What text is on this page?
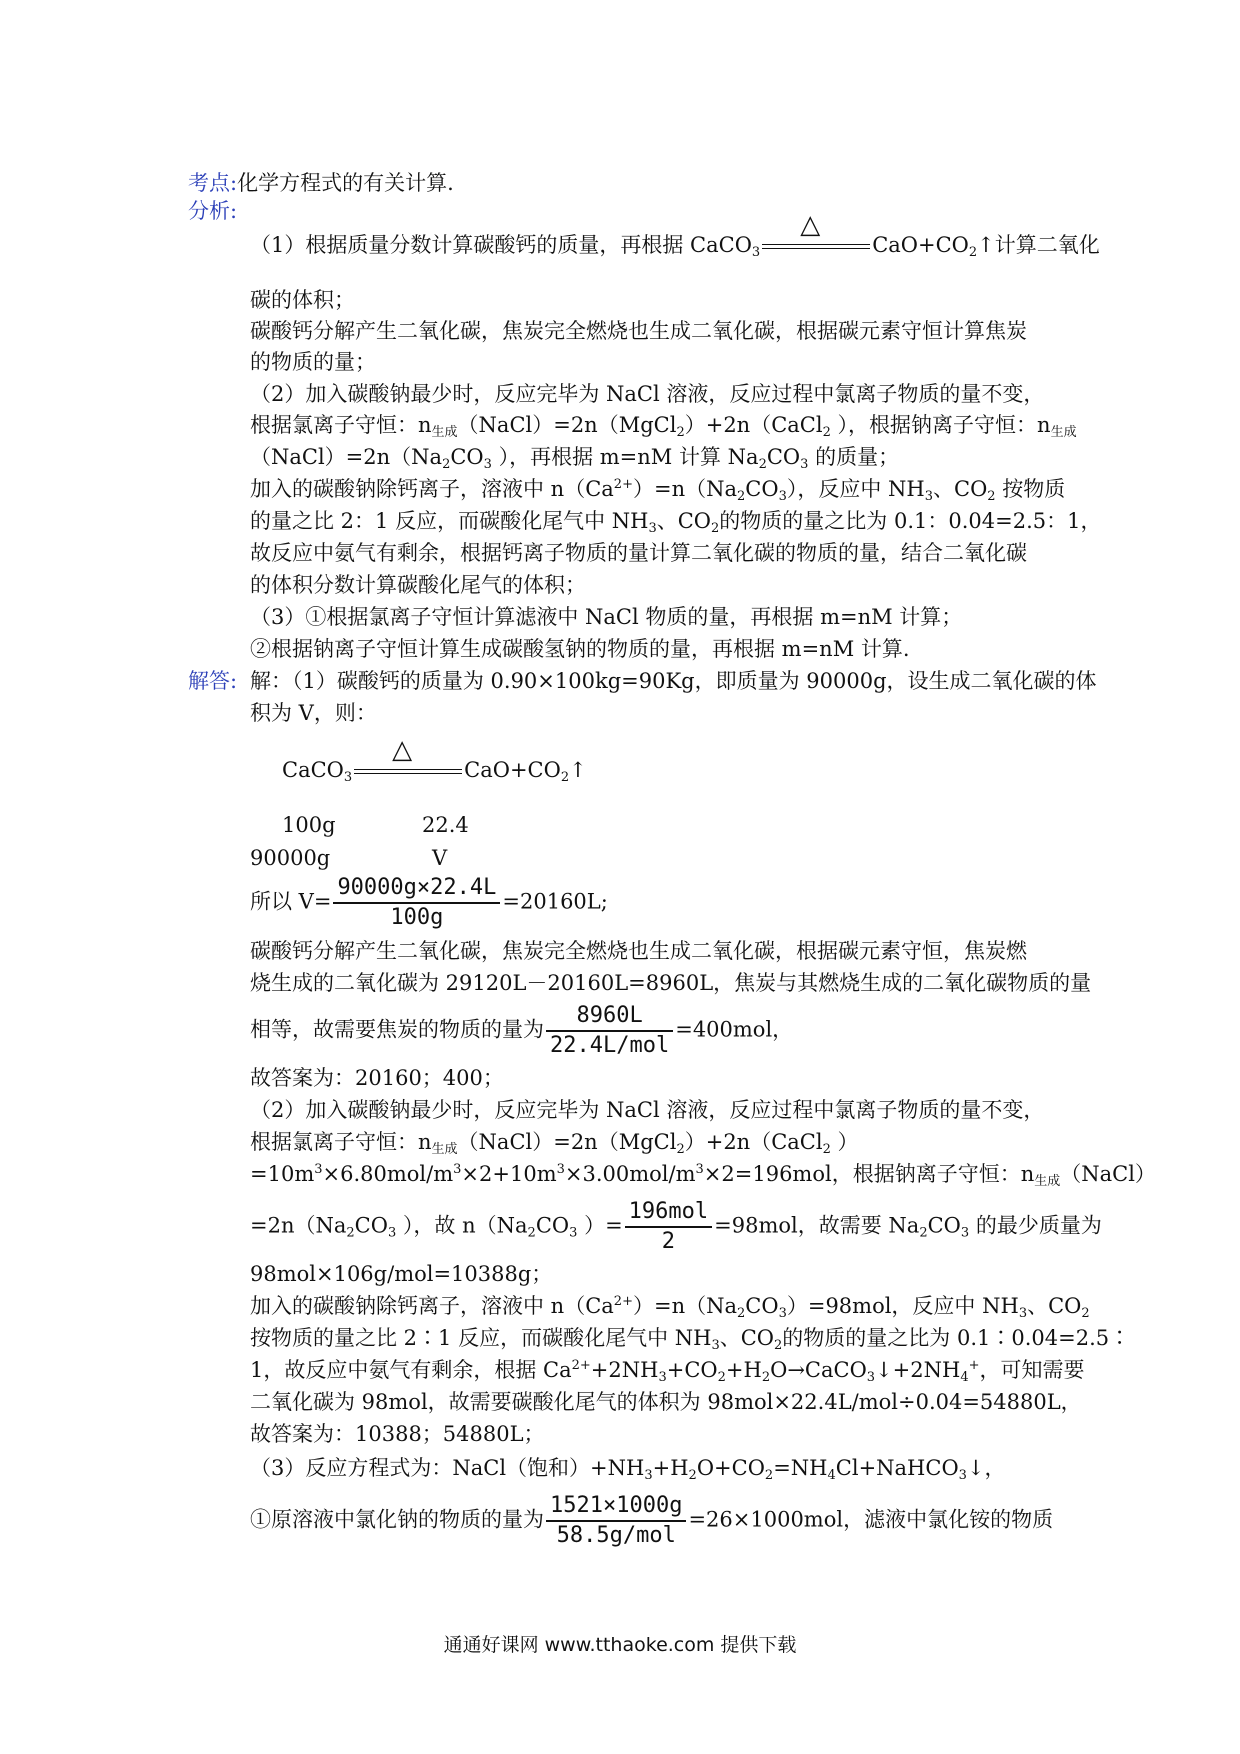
考点:化学方程式的有关计算.
分析:
（1）根据质量分数计算碳酸钙的质量，再根据 CaCO$_3$
△
$CaO+CO_2↑$计算二氧化
碳的体积；
碳酸钙分解产生二氧化碳，焦炭完全燃烧也生成二氧化碳，根据碳元素守恒计算焦炭
的物质的量；
（2）加入碳酸钠最少时，反应完毕为 NaCl 溶液，反应过程中氯离子物质的量不变，
根据氯离子守恒：$n_{生成}(NaCl)=2n(MgCl_2)+2n(CaCl_2$ ），根据钠离子守恒：$n_{生成}$
$(NaCl)=2n(Na_2CO_3$ ），再根据 m=nM 计算 $Na_2CO_3$ 的质量；
加入的碳酸钠除钙离子，溶液中 $n(Ca^{2+})=n(Na_2CO_3)$，反应中 $NH_3$、$CO_2$ 按物质
的量之比 2：1 反应，而碳酸化尾气中 $NH_3$、$CO_2$的物质的量之比为 0.1：0.04=2.5：1，
故反应中氨气有剩余，根据钙离子物质的量计算二氧化碳的物质的量，结合二氧化碳
的体积分数计算碳酸化尾气的体积；
（3）①根据氯离子守恒计算滤液中 NaCl 物质的量，再根据 m=nM 计算；
②根据钠离子守恒计算生成碳酸氢钠的物质的量，再根据 m=nM 计算.
解答: 解：（1）碳酸钙的质量为 0.90×100kg=90Kg，即质量为 90000g，设生成二氧化碳的体
积为 V，则：
CaCO$_3$
△
$CaO+CO_2↑$
100g	22.4
90000g	V
所以 $V= \frac{90000g\times 22.4L}{100g} =20160L$;
碳酸钙分解产生二氧化碳，焦炭完全燃烧也生成二氧化碳，根据碳元素守恒，焦炭燃
烧生成的二氧化碳为 29120L－20160L=8960L，焦炭与其燃烧生成的二氧化碳物质的量
相等，故需要焦炭的物质的量为 $\frac{8960L}{\text{22.4L/mol}} =400mol$，
故答案为：20160；400；
（2）加入碳酸钠最少时，反应完毕为 NaCl 溶液，反应过程中氯离子物质的量不变，
根据氯离子守恒：$n_{生成}(NaCl)=2n(MgCl_2)+2n(CaCl_2$ ）
$=10m^3\times 6.80mol/m^3\times 2+10m^3\times 3.00mol/m^3\times 2=196mol$，根据钠离子守恒：$n_{生成}(NaCl)$
$=2n(Na_2CO_3$ ），故 $n(Na_2CO_3$ ）= $\frac{\text{196mol}}{2} =98mol$，故需要 $Na_2CO_3$ 的最少质量为
98mol×106g/mol=10388g；
加入的碳酸钠除钙离子，溶液中 $n(Ca^{2+})=n(Na_2CO_3)=98mol$，反应中 $NH_3$、$CO_2$
按物质的量之比 2∶1 反应，而碳酸化尾气中 $NH_3$、$CO_2$的物质的量之比为 0.1∶0.04=2.5∶
1，故反应中氨气有剩余，根据 $Ca^{2+}+2NH_3+CO_2+H_2O\to CaCO_3↓+2NH_4^+$，可知需要
二氧化碳为 98mol，故需要碳酸化尾气的体积为 98mol×22.4L/mol÷0.04=54880L，
故答案为：10388；54880L；
（3）反应方程式为：NaCl（饱和）$+NH_3+H_2O+CO_2=NH_4Cl+NaHCO_3↓$，
①原溶液中氯化钠的物质的量为 $\frac{1521\times 1000g}{\text{58.5g/mol}} =26\times 1000mol$，滤液中氯化铵的物质
通通好课网 www.tthaoke.com 提供下载
